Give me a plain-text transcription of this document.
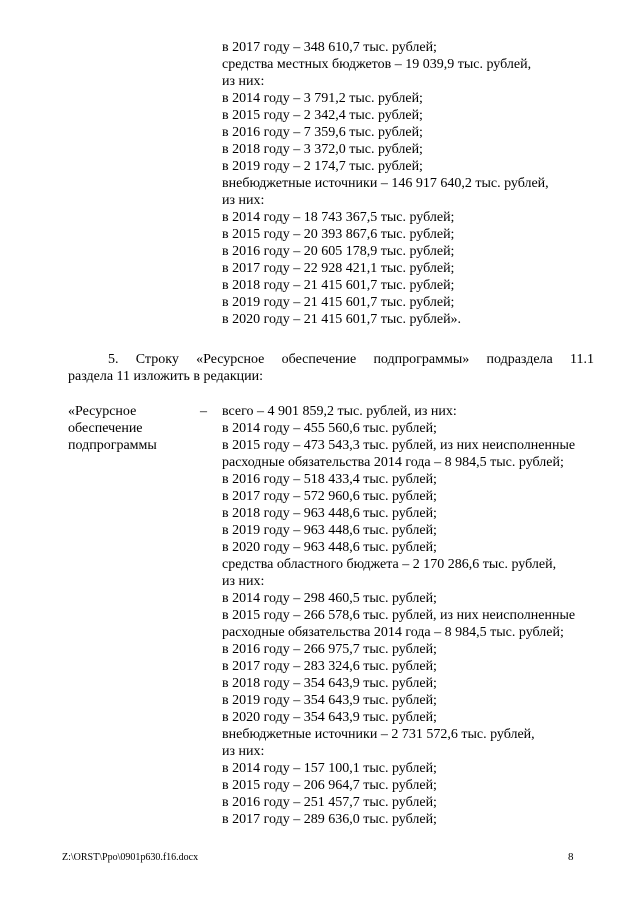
в 2017 году – 348 610,7 тыс. рублей;
средства местных бюджетов – 19 039,9 тыс. рублей,
из них:
в 2014 году – 3 791,2 тыс. рублей;
в 2015 году – 2 342,4 тыс. рублей;
в 2016 году – 7 359,6 тыс. рублей;
в 2018 году – 3 372,0 тыс. рублей;
в 2019 году – 2 174,7 тыс. рублей;
внебюджетные источники – 146 917 640,2 тыс. рублей,
из них:
в 2014 году – 18 743 367,5 тыс. рублей;
в 2015 году – 20 393 867,6 тыс. рублей;
в 2016 году – 20 605 178,9 тыс. рублей;
в 2017 году – 22 928 421,1 тыс. рублей;
в 2018 году – 21 415 601,7 тыс. рублей;
в 2019 году – 21 415 601,7 тыс. рублей;
в 2020 году – 21 415 601,7 тыс. рублей».
5. Строку «Ресурсное обеспечение подпрограммы» подраздела 11.1
раздела 11 изложить в редакции:
«Ресурсное
обеспечение
подпрограммы
– всего – 4 901 859,2 тыс. рублей, из них:
в 2014 году – 455 560,6 тыс. рублей;
в 2015 году – 473 543,3 тыс. рублей, из них неисполненные
расходные обязательства 2014 года – 8 984,5 тыс. рублей;
в 2016 году – 518 433,4 тыс. рублей;
в 2017 году – 572 960,6 тыс. рублей;
в 2018 году – 963 448,6 тыс. рублей;
в 2019 году – 963 448,6 тыс. рублей;
в 2020 году – 963 448,6 тыс. рублей;
средства областного бюджета – 2 170 286,6 тыс. рублей,
из них:
в 2014 году – 298 460,5 тыс. рублей;
в 2015 году – 266 578,6 тыс. рублей, из них неисполненные
расходные обязательства 2014 года – 8 984,5 тыс. рублей;
в 2016 году – 266 975,7 тыс. рублей;
в 2017 году – 283 324,6 тыс. рублей;
в 2018 году – 354 643,9 тыс. рублей;
в 2019 году – 354 643,9 тыс. рублей;
в 2020 году – 354 643,9 тыс. рублей;
внебюджетные источники – 2 731 572,6 тыс. рублей,
из них:
в 2014 году – 157 100,1 тыс. рублей;
в 2015 году – 206 964,7 тыс. рублей;
в 2016 году – 251 457,7 тыс. рублей;
в 2017 году – 289 636,0 тыс. рублей;
Z:\ORST\Ppo\0901p630.f16.docx	8
